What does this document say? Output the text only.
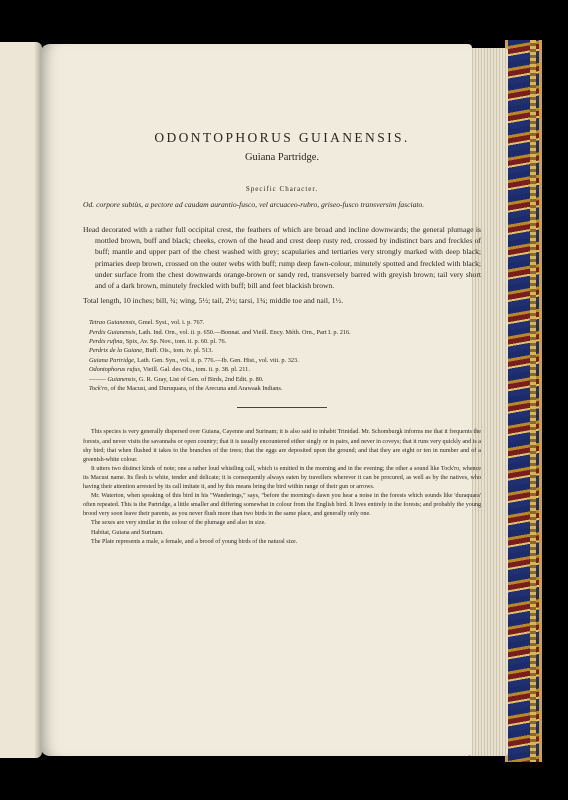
ODONTOPHORUS GUIANENSIS.

Guiana Partridge.

Specific Character.

Od. corpore subtùs, a pectore ad caudam aurantio-fusco, vel arcuaceo-rubro, griseo-fusco transversim fasciato.

Head decorated with a rather full occipital crest, the feathers of which are broad and incline downwards; the general plumage is mottled brown, buff and black; cheeks, crown of the head and crest deep rusty red, crossed by indistinct bars and freckles of buff; mantle and upper part of the chest washed with grey; scapularies and tertiaries very strongly marked with deep black; primaries deep brown, crossed on the outer webs with buff; rump deep fawn-colour, minutely spotted and freckled with black; under surface from the chest downwards orange-brown or sandy red, transversely barred with greyish brown; tail very short and of a dark brown, minutely freckled with buff; bill and feet blackish brown.

Total length, 10 inches; bill, ¾; wing, 5½; tail, 2½; tarsi, 1¾; middle toe and nail, 1½.

Tetrao Guianensis, Gmel. Syst., vol. i. p. 767.

Perdix Guianensis, Lath. Ind. Orn., vol. ii. p. 650.—Bonnat. and Vieill. Ency. Méth. Orn., Part I. p. 216.

Perdix rufina, Spix, Av. Sp. Nov., tom. ii. p. 60. pl. 76.

Perdrix de la Guiane, Buff. Ois., tom. iv. pl. 513.

Guiana Partridge, Lath. Gen. Syn., vol. ii. p. 776.—Ib. Gen. Hist., vol. viii. p. 323.

Odontophorus rufus, Vieill. Gal. des Ois., tom. ii. p. 38. pl. 211.

——— Guianensis, G. R. Gray, List of Gen. of Birds, 2nd Edit. p. 80.

Tock'ro, of the Macusi, and Duruquara, of the Arecuna and Arawaak Indians.

This species is very generally dispersed over Guiana, Cayenne and Surinam; it is also said to inhabit Trinidad. Mr. Schomburgk informs me that it frequents the forests, and never visits the savannahs or open country; that it is usually encountered either singly or in pairs, and never in coveys; that it runs very quickly and is a shy bird; that when flushed it takes to the branches of the trees; that the eggs are deposited upon the ground; and that they are eight or ten in number and of a greenish-white colour.

It utters two distinct kinds of note; one a rather loud whistling call, which is emitted in the morning and in the evening; the other a sound like Tock'ro, whence its Macusi name. Its flesh is white, tender and delicate; it is consequently always eaten by travellers wherever it can be procured, as well as by the natives, who having their attention arrested by its call imitate it, and by this means bring the bird within range of their gun or arrows.

Mr. Waterton, when speaking of this bird in his "Wanderings," says, "before the morning's dawn you hear a noise in the forests which sounds like 'duraquara' often repeated. This is the Partridge, a little smaller and differing somewhat in colour from the English bird. It lives entirely in the forests; and probably the young brood very soon leave their parents, as you never flush more than two birds in the same place, and generally only one.

The sexes are very similar in the colour of the plumage and also in size.

Habitat, Guiana and Surinam.

The Plate represents a male, a female, and a brood of young birds of the natural size.
